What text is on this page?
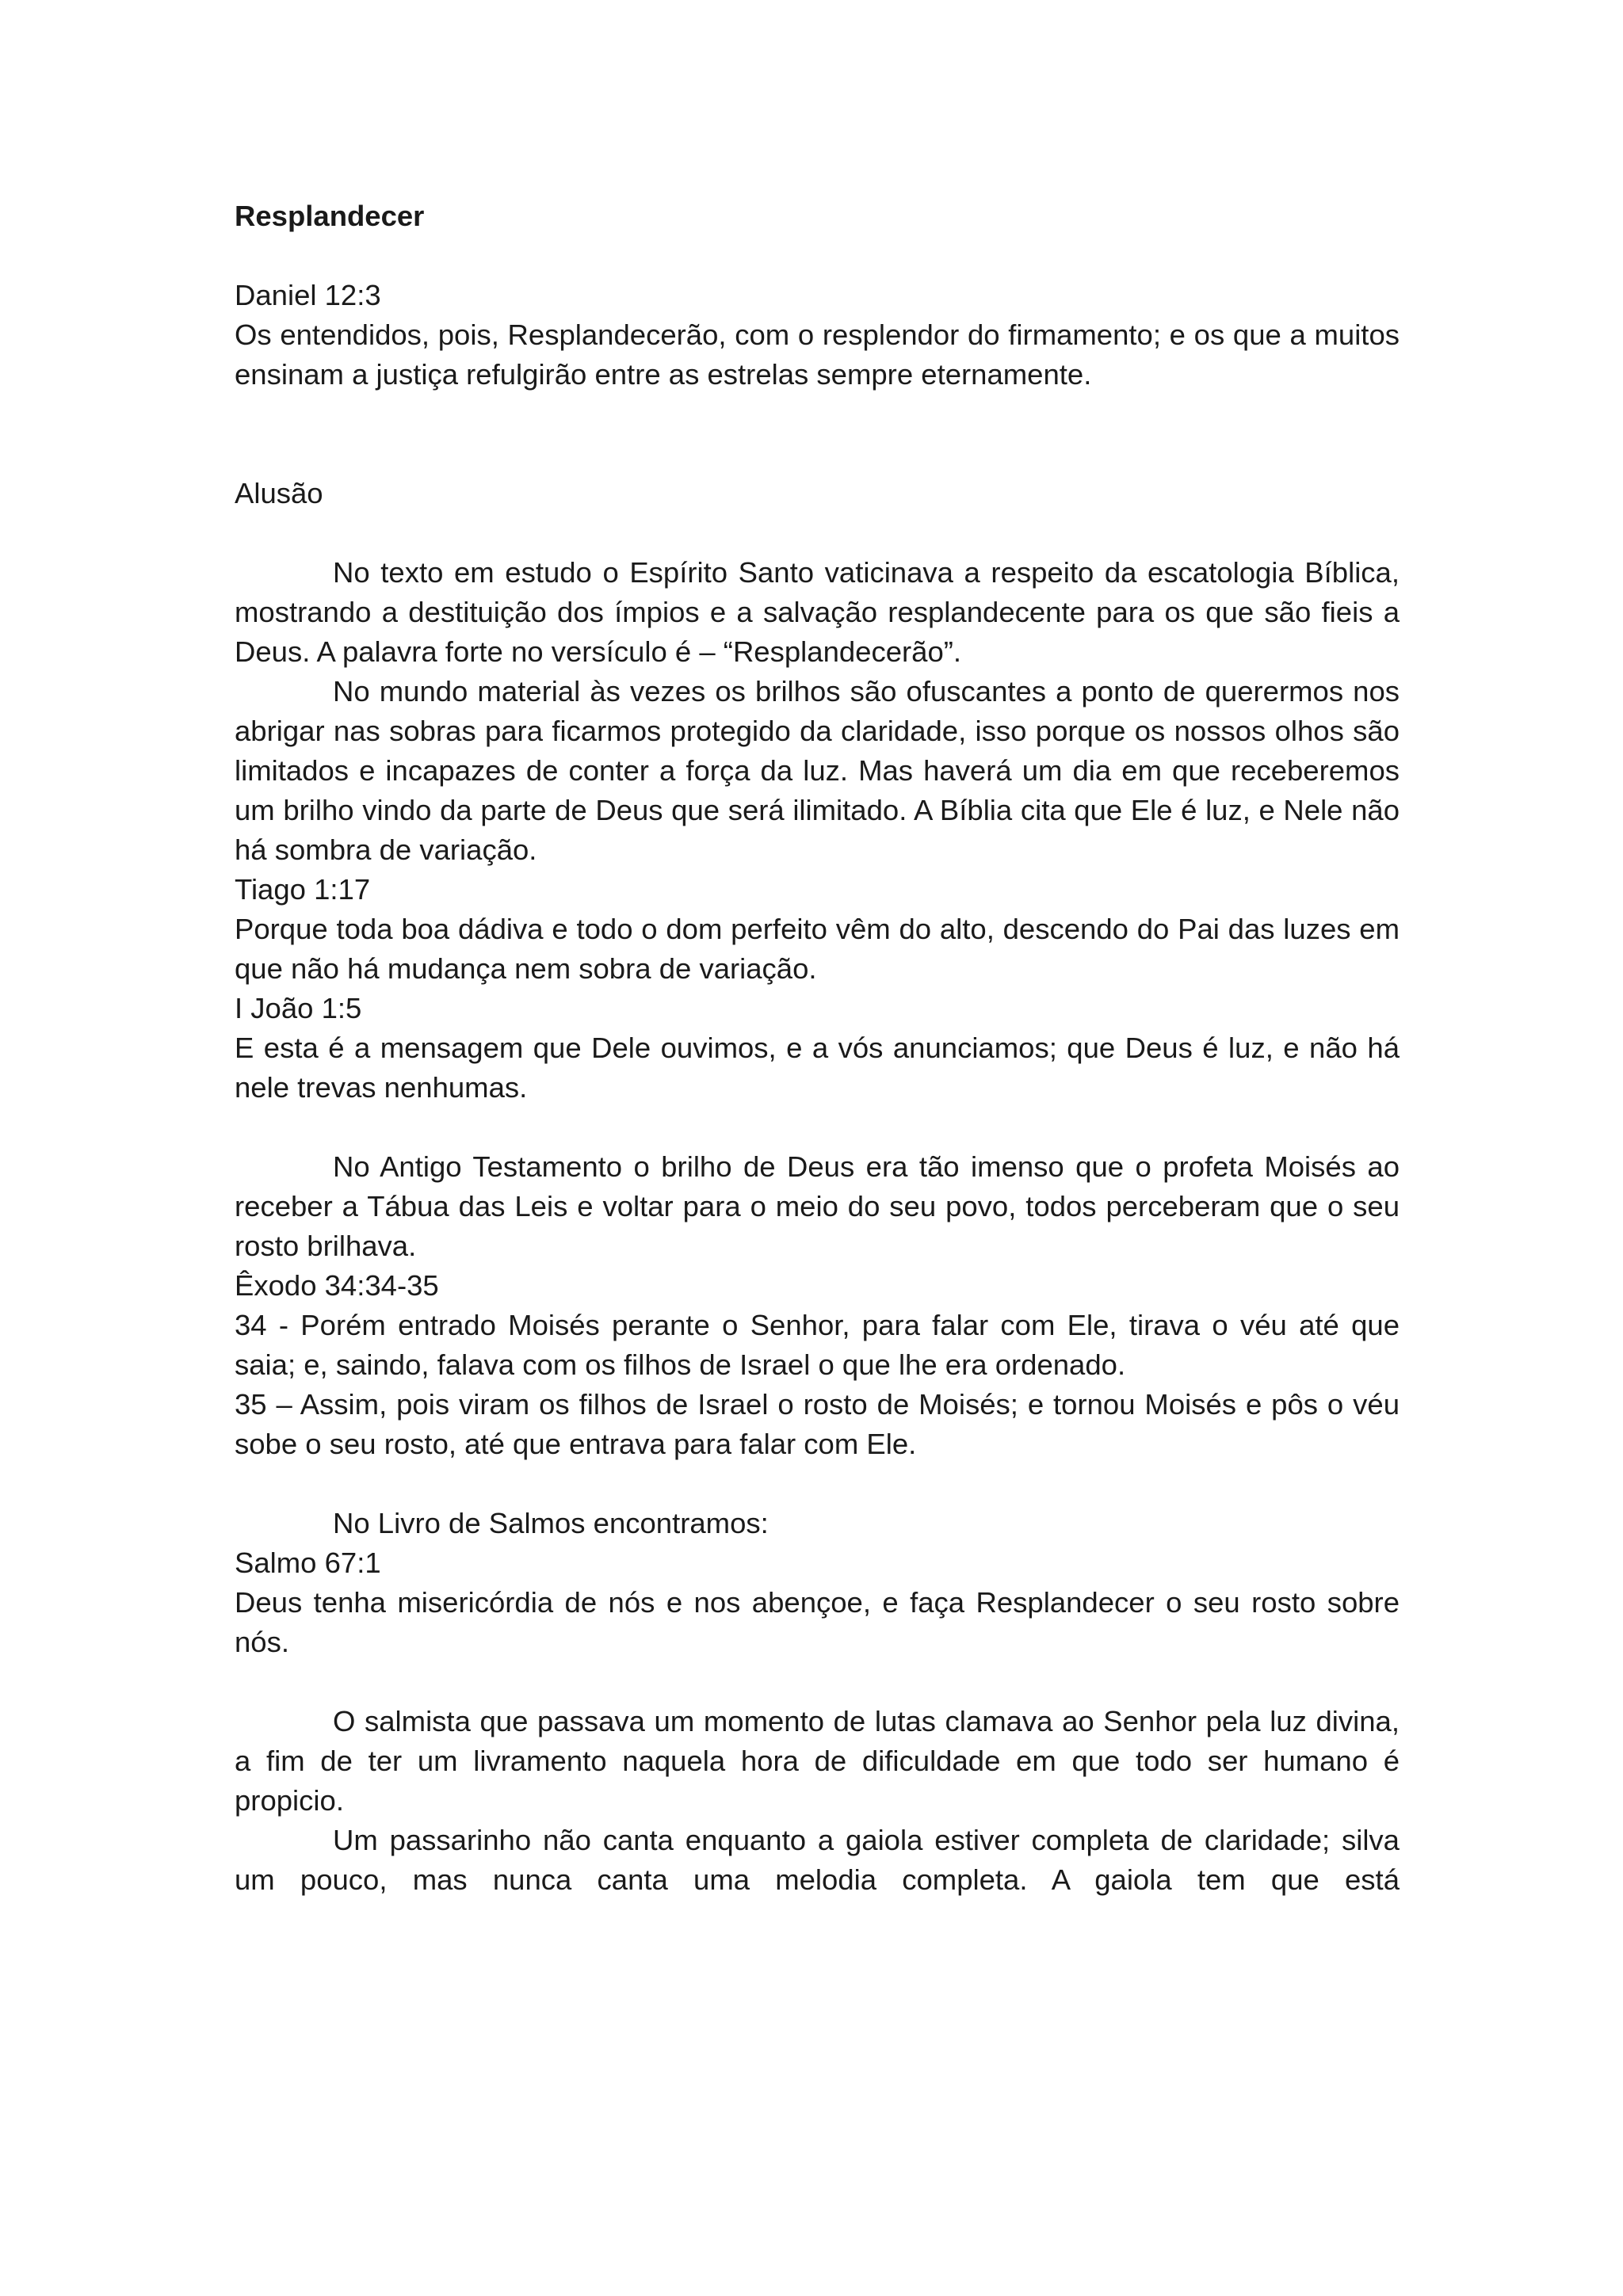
Resplandecer

Daniel 12:3

Os entendidos, pois, Resplandecerão, com o resplendor do firmamento; e os que a muitos ensinam a justiça refulgirão entre as estrelas sempre eternamente.

Alusão

No texto em estudo o Espírito Santo vaticinava a respeito da escatologia Bíblica, mostrando a destituição dos ímpios e a salvação resplandecente para os que são fieis a Deus. A palavra forte no versículo é – “Resplandecerão”.

No mundo material às vezes os brilhos são ofuscantes a ponto de querermos nos abrigar nas sobras para ficarmos protegido da claridade, isso porque os nossos olhos são limitados e incapazes de conter a força da luz. Mas haverá um dia em que receberemos um brilho vindo da parte de Deus que será ilimitado. A Bíblia cita que Ele é luz, e Nele não há sombra de variação.

Tiago 1:17

Porque toda boa dádiva e todo o dom perfeito vêm do alto, descendo do Pai das luzes em que não há mudança nem sobra de variação.

I João 1:5

E esta é a mensagem que Dele ouvimos, e a vós anunciamos; que Deus é luz, e não há nele trevas nenhumas.

No Antigo Testamento o brilho de Deus era tão imenso que o profeta Moisés ao receber a Tábua das Leis e voltar para o meio do seu povo, todos perceberam que o seu rosto brilhava.

Êxodo 34:34-35

34 - Porém entrado Moisés perante o Senhor, para falar com Ele, tirava o véu até que saia; e, saindo, falava com os filhos de Israel o que lhe era ordenado.

35 – Assim, pois viram os filhos de Israel o rosto de Moisés; e tornou Moisés e pôs o véu sobe o seu rosto, até que entrava para falar com Ele.

No Livro de Salmos encontramos:

Salmo 67:1

Deus tenha misericórdia de nós e nos abençoe, e faça Resplandecer o seu rosto sobre nós.

O salmista que passava um momento de lutas clamava ao Senhor pela luz divina, a fim de ter um livramento naquela hora de dificuldade em que todo ser humano é propicio.

Um passarinho não canta enquanto a gaiola estiver completa de claridade; silva um pouco, mas nunca canta uma melodia completa. A gaiola tem que está
